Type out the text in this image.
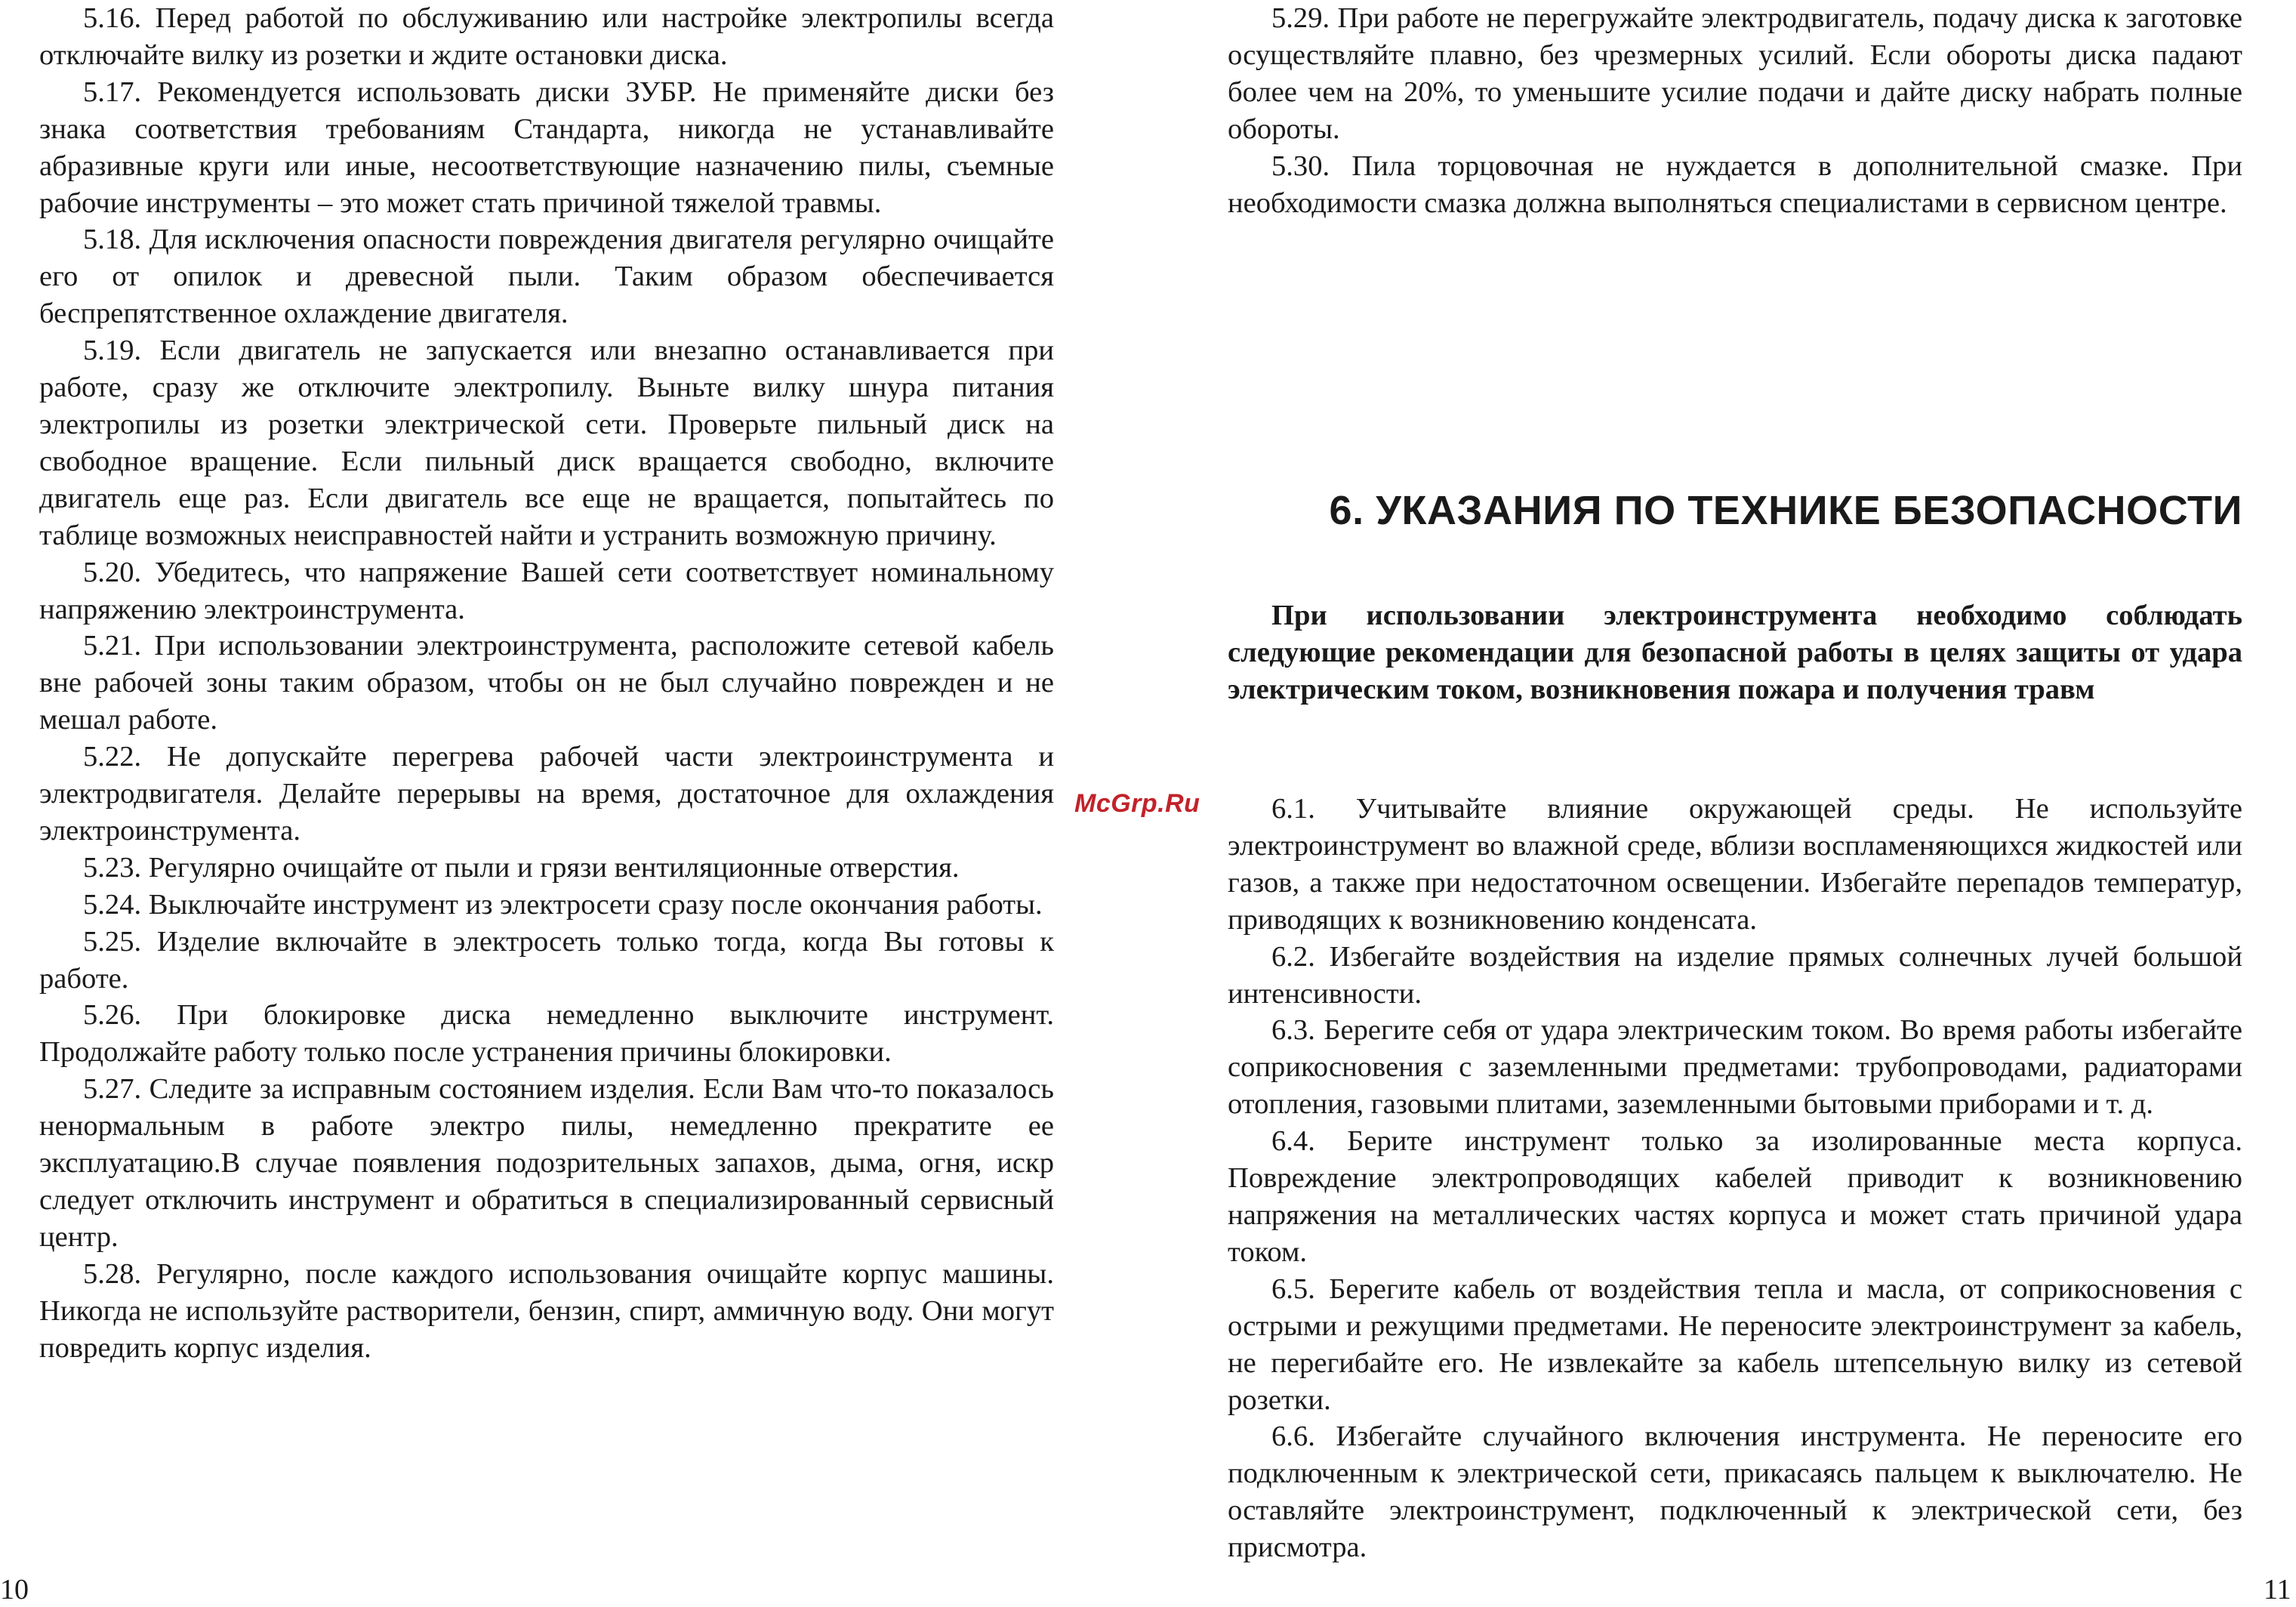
5.16. Перед работой по обслуживанию или настройке электропилы всегда отключайте вилку из розетки и ждите остановки диска.

5.17. Рекомендуется использовать диски ЗУБР. Не применяйте диски без знака соответствия требованиям Стандарта, никогда не устанавливайте абразивные круги или иные, несоответствующие назначению пилы, съемные рабочие инструменты – это может стать причиной тяжелой травмы.

5.18. Для исключения опасности повреждения двигателя регулярно очищайте его от опилок и древесной пыли. Таким образом обеспечивается беспрепятственное охлаждение двигателя.

5.19. Если двигатель не запускается или внезапно останавливается при работе, сразу же отключите электропилу. Выньте вилку шнура питания электропилы из розетки электрической сети. Проверьте пильный диск на свободное вращение. Если пильный диск вращается свободно, включите двигатель еще раз. Если двигатель все еще не вращается, попытайтесь по таблице возможных неисправностей найти и устранить возможную причину.

5.20. Убедитесь, что напряжение Вашей сети соответствует номинальному напряжению электроинструмента.

5.21. При использовании электроинструмента, расположите сетевой кабель вне рабочей зоны таким образом, чтобы он не был случайно поврежден и не мешал работе.

5.22. Не допускайте перегрева рабочей части электроинструмента и электродвигателя. Делайте перерывы на время, достаточное для охлаждения электроинструмента.

5.23. Регулярно очищайте от пыли и грязи вентиляционные отверстия.

5.24. Выключайте инструмент из электросети сразу после окончания работы.

5.25. Изделие включайте в электросеть только тогда, когда Вы готовы к работе.

5.26. При блокировке диска немедленно выключите инструмент. Продолжайте работу только после устранения причины блокировки.

5.27. Следите за исправным состоянием изделия. Если Вам что-то показалось ненормальным в работе электро пилы, немедленно прекратите ее эксплуатацию.В случае появления подозрительных запахов, дыма, огня, искр следует отключить инструмент и обратиться в специализированный сервисный центр.

5.28. Регулярно, после каждого использования очищайте корпус машины. Никогда не используйте растворители, бензин, спирт, аммичную воду. Они могут повредить корпус изделия.

5.29. При работе не перегружайте электродвигатель, подачу диска к заготовке осуществляйте плавно, без чрезмерных усилий. Если обороты диска падают более чем на 20%, то уменьшите усилие подачи и дайте диску набрать полные обороты.

5.30. Пила торцовочная не нуждается в дополнительной смазке. При необходимости смазка должна выполняться специалистами в сервисном центре.

6. УКАЗАНИЯ ПО ТЕХНИКЕ БЕЗОПАСНОСТИ

При использовании электроинструмента необходимо соблюдать следующие рекомендации для безопасной работы в целях защиты от удара электрическим током, возникновения пожара и получения травм

6.1. Учитывайте влияние окружающей среды. Не используйте электроинструмент во влажной среде, вблизи воспламеняющихся жидкостей или газов, а также при недостаточном освещении. Избегайте перепадов температур, приводящих к возникновению конденсата.

6.2. Избегайте воздействия на изделие прямых солнечных лучей большой интенсивности.

6.3. Берегите себя от удара электрическим током. Во время работы избегайте соприкосновения с заземленными предметами: трубопроводами, радиаторами отопления, газовыми плитами, заземленными бытовыми приборами и т. д.

6.4. Берите инструмент только за изолированные места корпуса. Повреждение электропроводящих кабелей приводит к возникновению напряжения на металлических частях корпуса и может стать причиной удара током.

6.5. Берегите кабель от воздействия тепла и масла, от соприкосновения с острыми и режущими предметами. Не переносите электроинструмент за кабель, не перегибайте его. Не извлекайте за кабель штепсельную вилку из сетевой розетки.

6.6. Избегайте случайного включения инструмента. Не переносите его подключенным к электрической сети, прикасаясь пальцем к выключателю. Не оставляйте электроинструмент, подключенный к электрической сети, без присмотра.

McGrp.Ru
10	11
